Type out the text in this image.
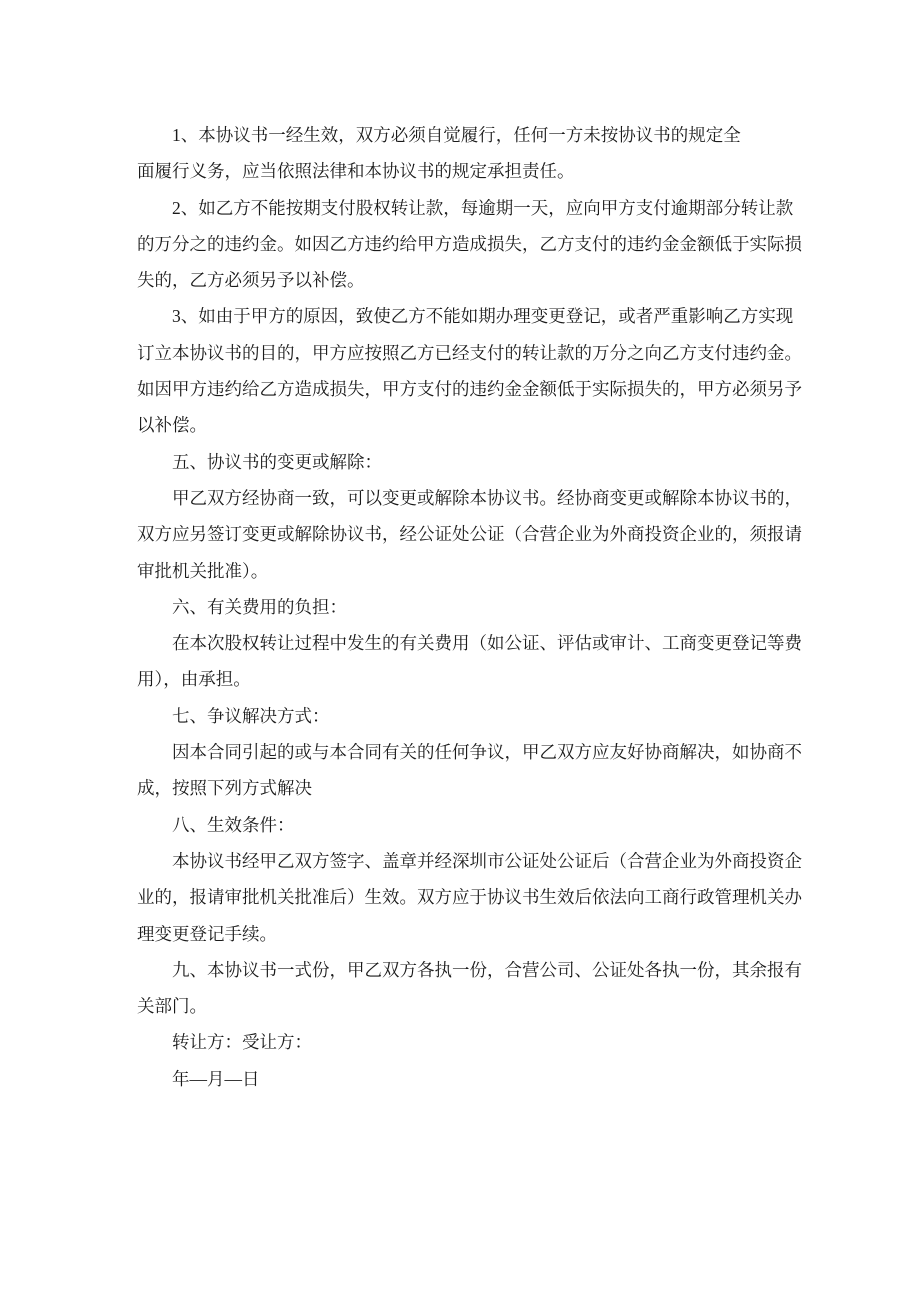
1、本协议书一经生效，双方必须自觉履行，任何一方未按协议书的规定全
面履行义务，应当依照法律和本协议书的规定承担责任。

2、如乙方不能按期支付股权转让款，每逾期一天，应向甲方支付逾期部分转让款
的万分之的违约金。如因乙方违约给甲方造成损失，乙方支付的违约金金额低于实际损
失的，乙方必须另予以补偿。

3、如由于甲方的原因，致使乙方不能如期办理变更登记，或者严重影响乙方实现
订立本协议书的目的，甲方应按照乙方已经支付的转让款的万分之向乙方支付违约金。
如因甲方违约给乙方造成损失，甲方支付的违约金金额低于实际损失的，甲方必须另予
以补偿。

五、协议书的变更或解除：

甲乙双方经协商一致，可以变更或解除本协议书。经协商变更或解除本协议书的，
双方应另签订变更或解除协议书，经公证处公证（合营企业为外商投资企业的，须报请
审批机关批准）。

六、有关费用的负担：

在本次股权转让过程中发生的有关费用（如公证、评估或审计、工商变更登记等费
用），由承担。

七、争议解决方式：

因本合同引起的或与本合同有关的任何争议，甲乙双方应友好协商解决，如协商不
成，按照下列方式解决

八、生效条件：

本协议书经甲乙双方签字、盖章并经深圳市公证处公证后（合营企业为外商投资企
业的，报请审批机关批准后）生效。双方应于协议书生效后依法向工商行政管理机关办
理变更登记手续。

九、本协议书一式份，甲乙双方各执一份，合营公司、公证处各执一份，其余报有
关部门。

转让方：受让方：

年—月—日
